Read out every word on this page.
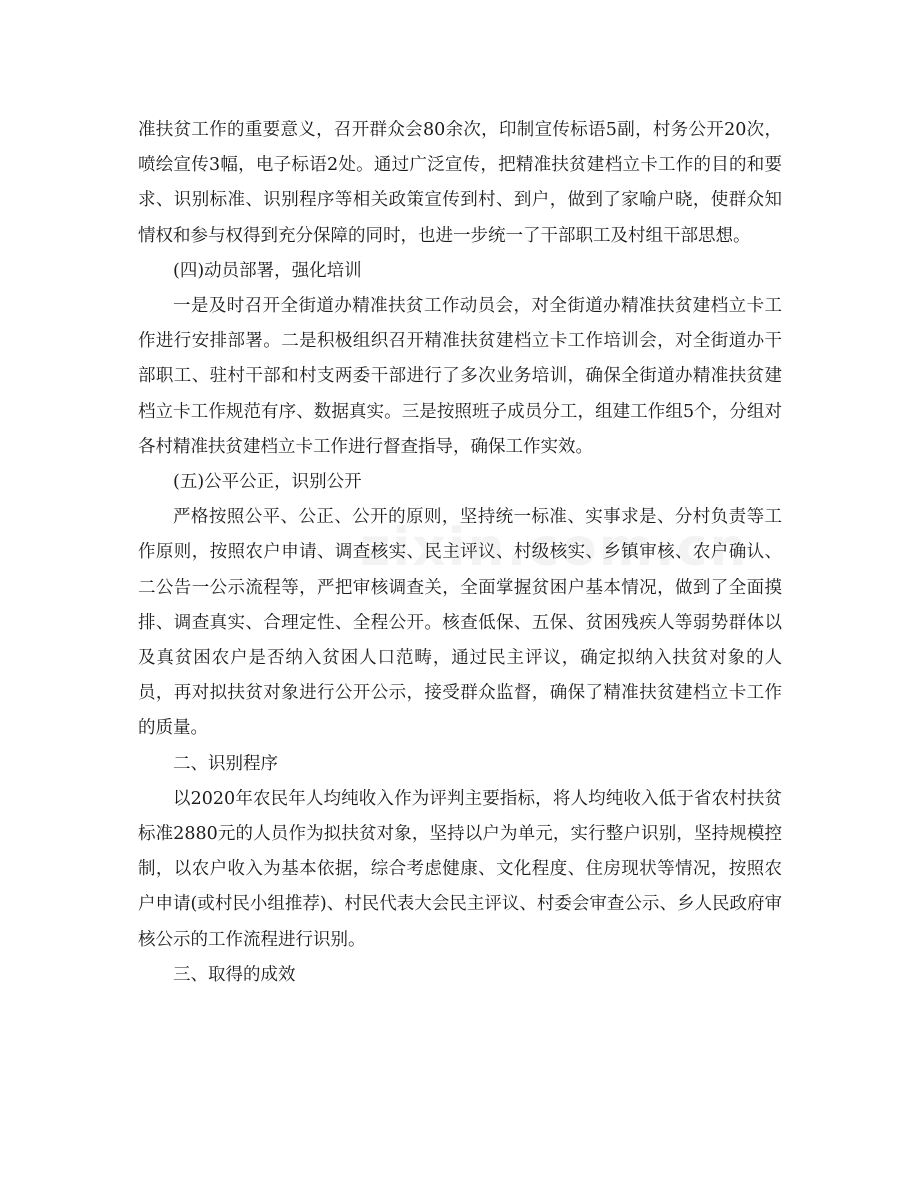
准扶贫工作的重要意义，召开群众会80余次，印制宣传标语5副，村务公开20次，喷绘宣传3幅，电子标语2处。通过广泛宣传，把精准扶贫建档立卡工作的目的和要求、识别标准、识别程序等相关政策宣传到村、到户，做到了家喻户晓，使群众知情权和参与权得到充分保障的同时，也进一步统一了干部职工及村组干部思想。

(四)动员部署，强化培训

一是及时召开全街道办精准扶贫工作动员会，对全街道办精准扶贫建档立卡工作进行安排部署。二是积极组织召开精准扶贫建档立卡工作培训会，对全街道办干部职工、驻村干部和村支两委干部进行了多次业务培训，确保全街道办精准扶贫建档立卡工作规范有序、数据真实。三是按照班子成员分工，组建工作组5个，分组对各村精准扶贫建档立卡工作进行督查指导，确保工作实效。

(五)公平公正，识别公开

严格按照公平、公正、公开的原则，坚持统一标准、实事求是、分村负责等工作原则，按照农户申请、调查核实、民主评议、村级核实、乡镇审核、农户确认、二公告一公示流程等，严把审核调查关，全面掌握贫困户基本情况，做到了全面摸排、调查真实、合理定性、全程公开。核查低保、五保、贫困残疾人等弱势群体以及真贫困农户是否纳入贫困人口范畴，通过民主评议，确定拟纳入扶贫对象的人员，再对拟扶贫对象进行公开公示，接受群众监督，确保了精准扶贫建档立卡工作的质量。

二、识别程序

以2020年农民年人均纯收入作为评判主要指标，将人均纯收入低于省农村扶贫标准2880元的人员作为拟扶贫对象，坚持以户为单元，实行整户识别，坚持规模控制，以农户收入为基本依据，综合考虑健康、文化程度、住房现状等情况，按照农户申请(或村民小组推荐)、村民代表大会民主评议、村委会审查公示、乡人民政府审核公示的工作流程进行识别。

三、取得的成效
